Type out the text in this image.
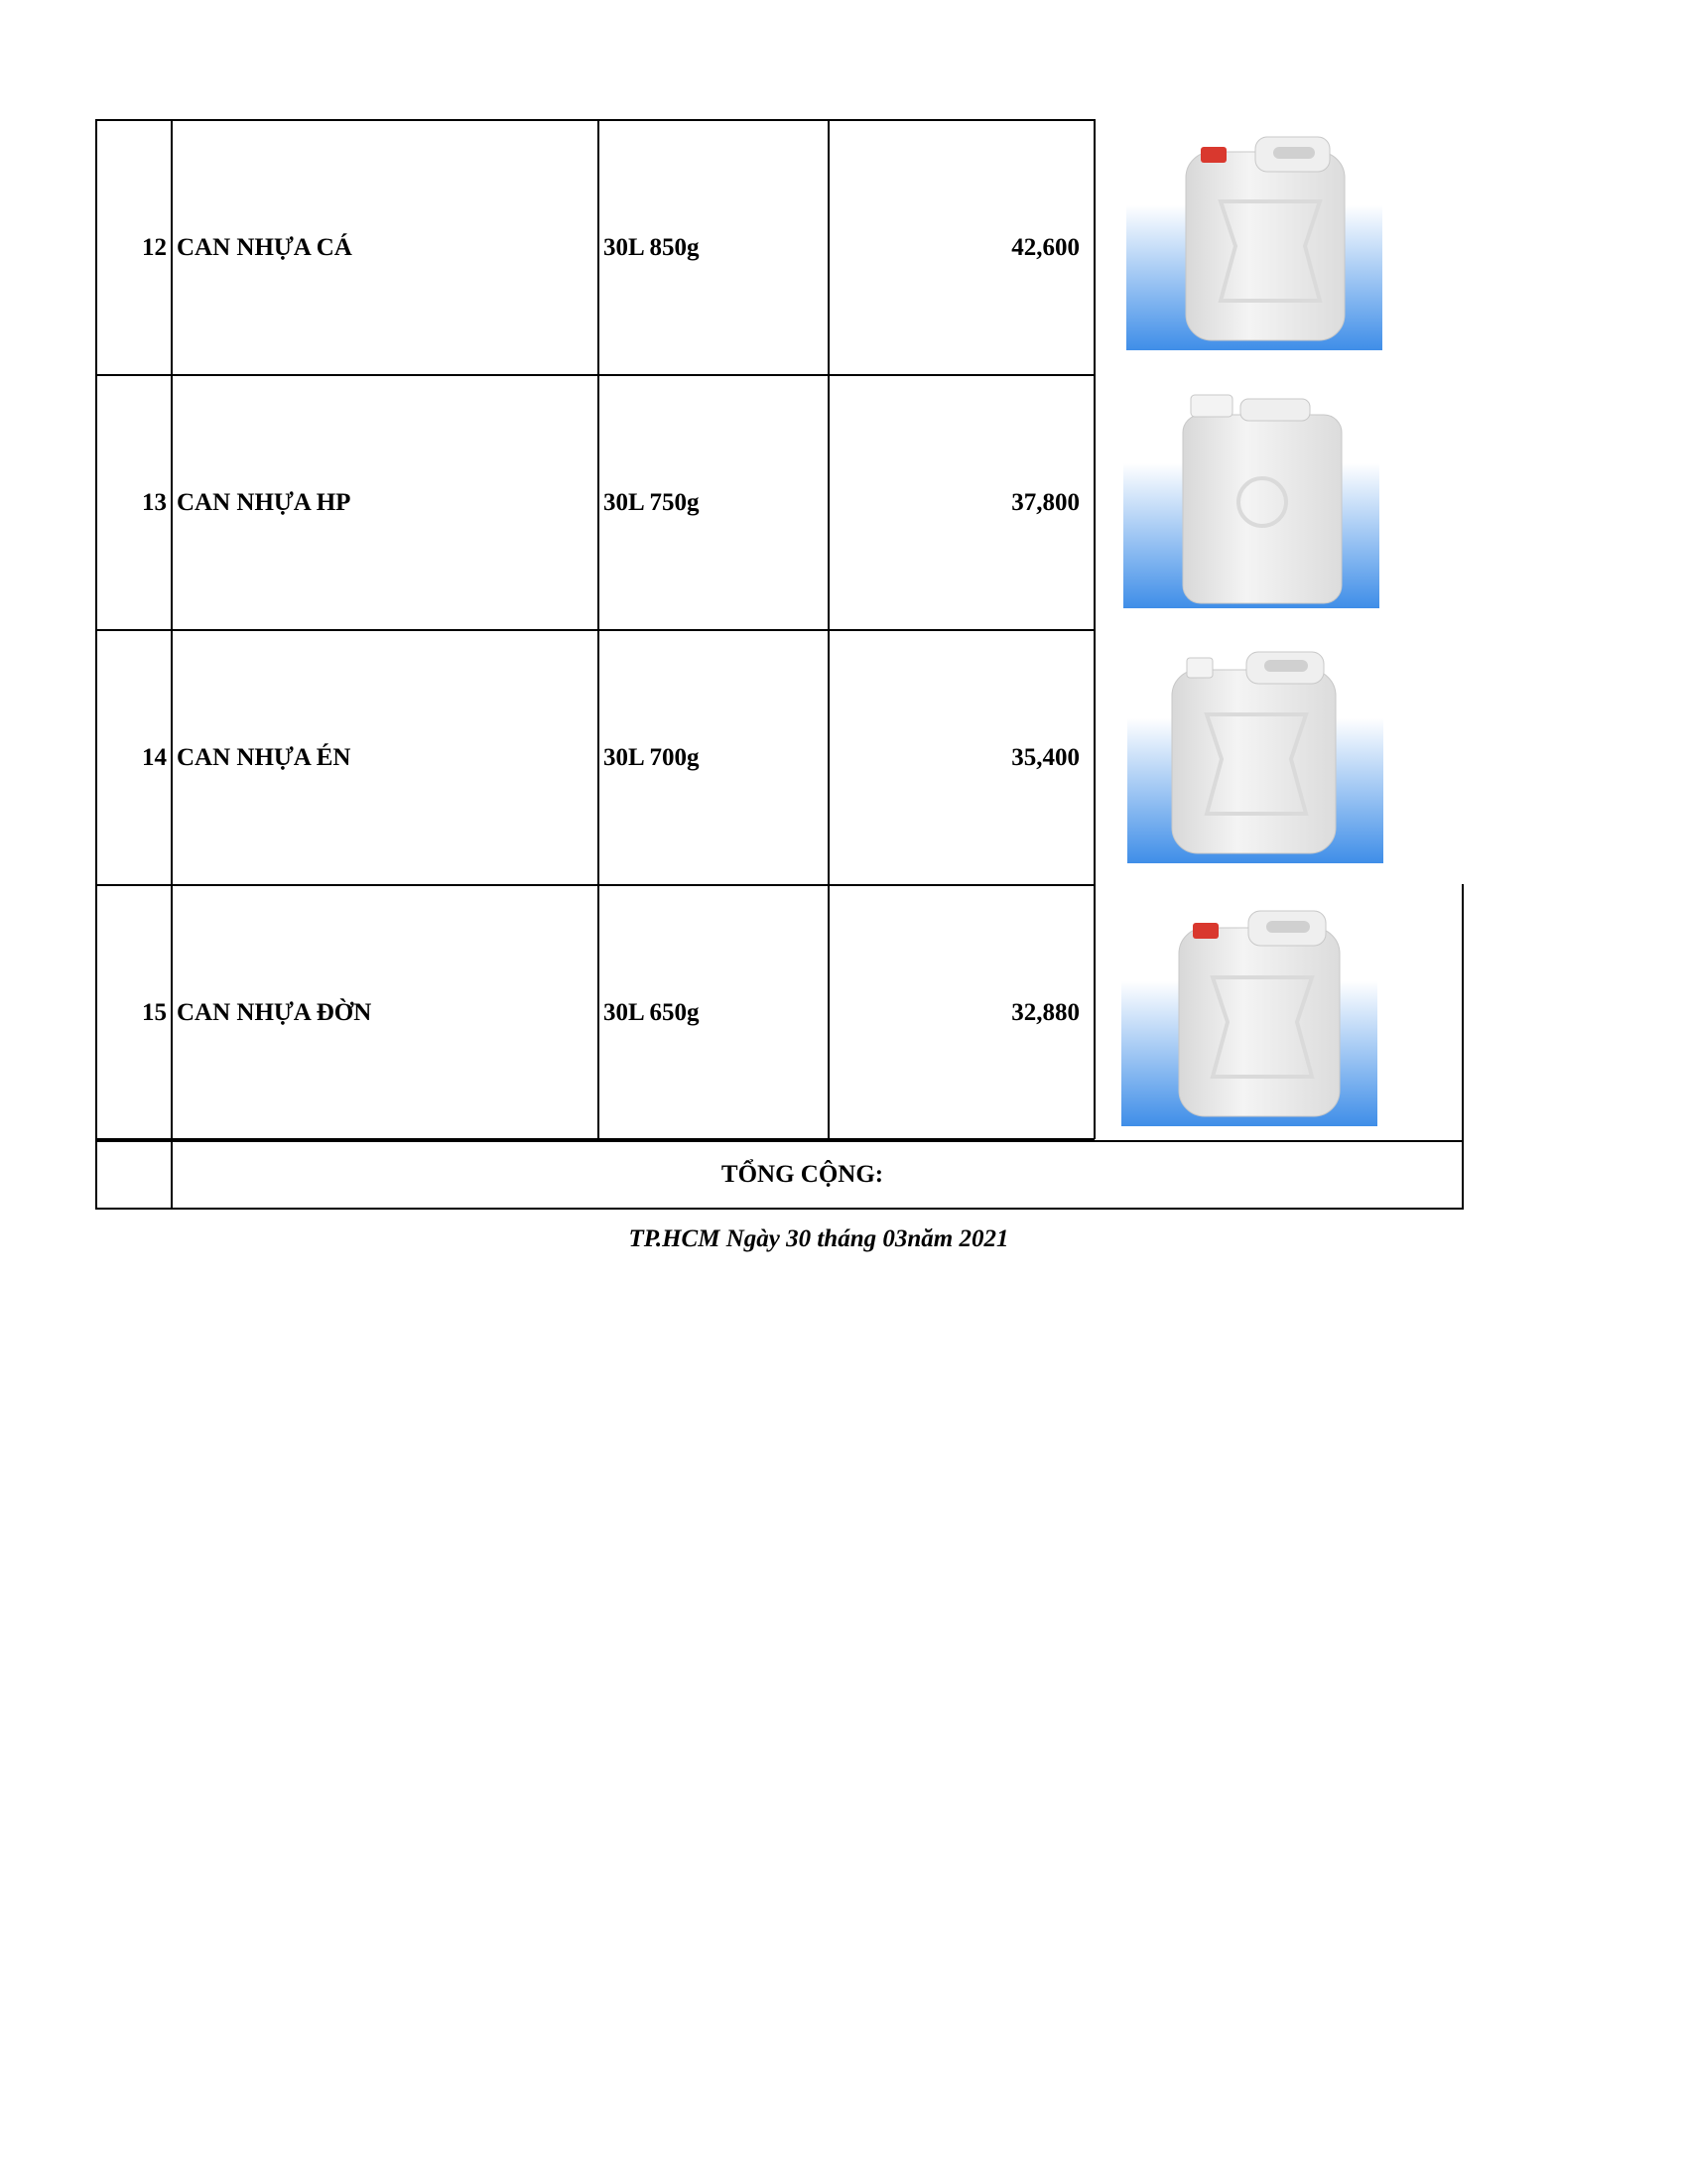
12 CAN NHỰA CÁ	30L 850g	42,600
13 CAN NHỰA HP	30L 750g	37,800
14 CAN NHỰA ÉN	30L 700g	35,400
15 CAN NHỰA ĐỜN	30L 650g	32,880
TỔNG CỘNG:
TP.HCM Ngày 30 tháng 03năm 2021
